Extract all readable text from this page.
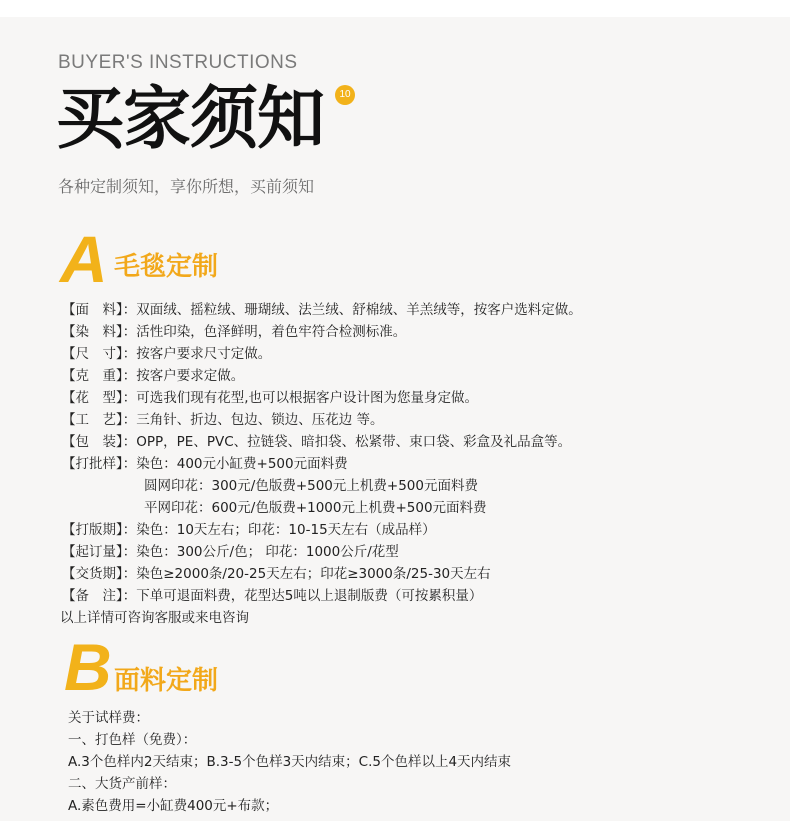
BUYER'S INSTRUCTIONS
买家须知	10
各种定制须知，享你所想，买前须知
A 毛毯定制
【面　料】：双面绒、摇粒绒、珊瑚绒、法兰绒、舒棉绒、羊羔绒等，按客户选料定做。
【染　料】：活性印染，色泽鲜明，着色牢符合检测标准。
【尺　寸】：按客户要求尺寸定做。
【克　重】：按客户要求定做。
【花　型】：可选我们现有花型,也可以根据客户设计图为您量身定做。
【工　艺】：三角针、折边、包边、锁边、压花边 等。
【包　装】：OPP，PE、PVC、拉链袋、暗扣袋、松紧带、束口袋、彩盒及礼品盒等。
【打批样】：染色：400元小缸费+500元面料费
圆网印花：300元/色版费+500元上机费+500元面料费
平网印花：600元/色版费+1000元上机费+500元面料费
【打版期】：染色：10天左右；印花：10-15天左右（成品样）
【起订量】：染色：300公斤/色； 印花：1000公斤/花型
【交货期】：染色≥2000条/20-25天左右；印花≥3000条/25-30天左右
【备　注】：下单可退面料费，花型达5吨以上退制版费（可按累积量）
以上详情可咨询客服或来电咨询
B 面料定制
关于试样费：
一、打色样（免费）：
A.3个色样内2天结束；B.3-5个色样3天内结束；C.5个色样以上4天内结束
二、大货产前样：
A.素色费用=小缸费400元+布款；
